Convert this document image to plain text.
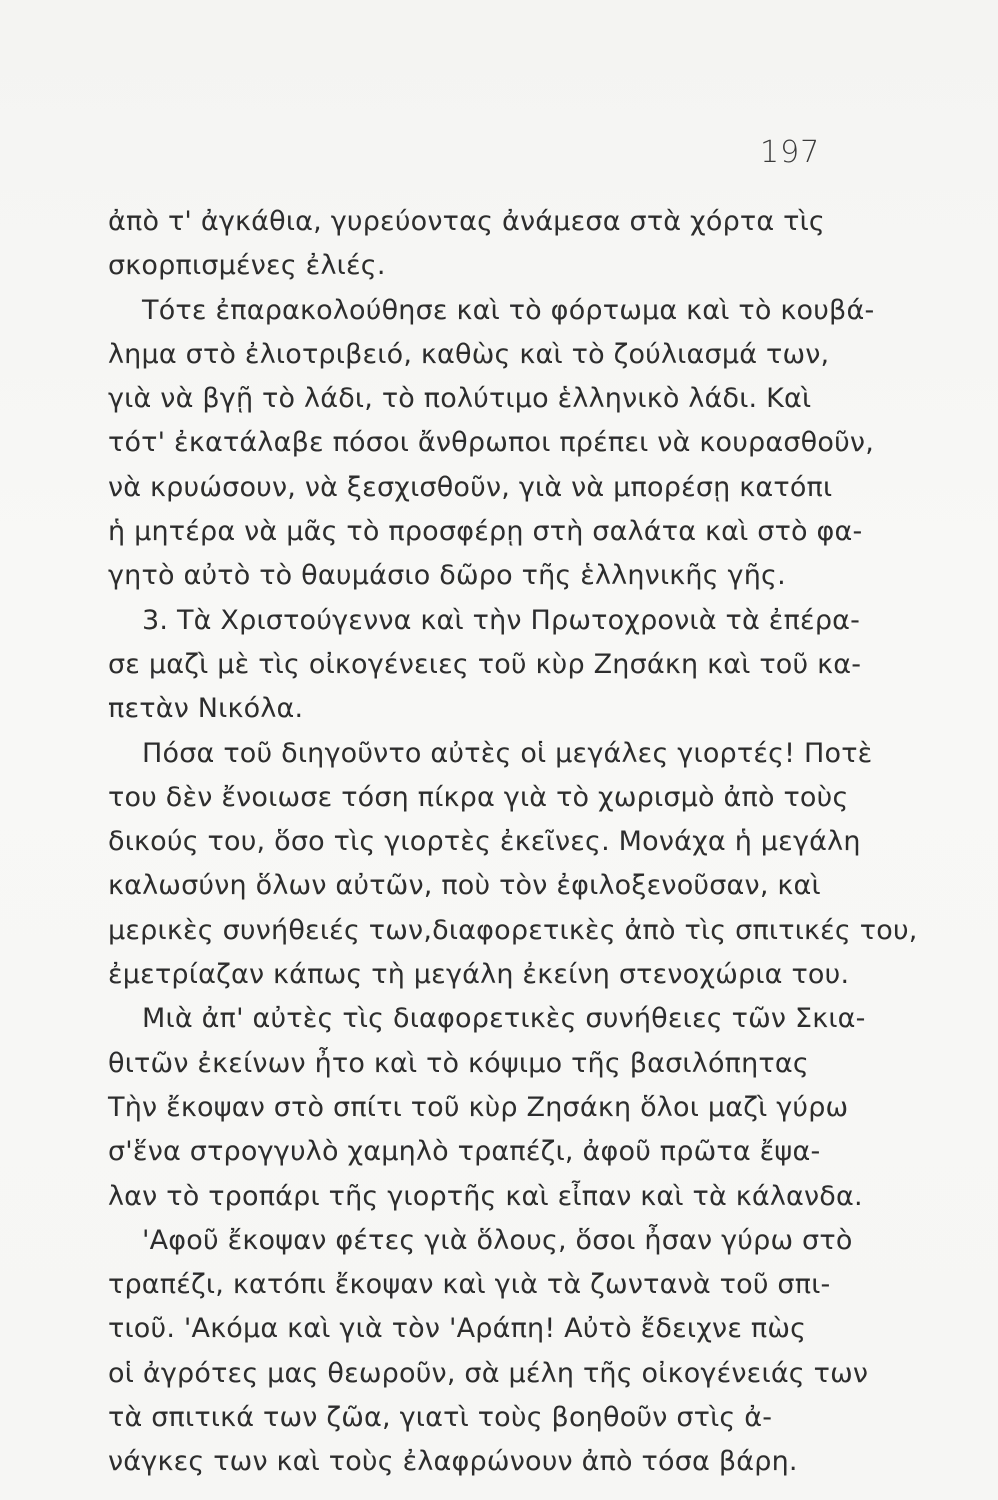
197
ἀπὸ τ' ἀγκάθια, γυρεύοντας ἀνάμεσα στὰ χόρτα τὶς
σκορπισμένες ἐλιές.
Τότε ἐπαρακολούθησε καὶ τὸ φόρτωμα καὶ τὸ κουβά-
λημα στὸ ἐλιοτριβειό, καθὼς καὶ τὸ ζούλιασμά των,
γιὰ νὰ βγῇ τὸ λάδι, τὸ πολύτιμο ἑλληνικὸ λάδι. Καὶ
τότ' ἐκατάλαβε πόσοι ἄνθρωποι πρέπει νὰ κουρασθοῦν,
νὰ κρυώσουν, νὰ ξεσχισθοῦν, γιὰ νὰ μπορέσῃ κατόπι
ἡ μητέρα νὰ μᾶς τὸ προσφέρῃ στὴ σαλάτα καὶ στὸ φα-
γητὸ αὐτὸ τὸ θαυμάσιο δῶρο τῆς ἑλληνικῆς γῆς.
3. Τὰ Χριστούγεννα καὶ τὴν Πρωτοχρονιὰ τὰ ἐπέρα-
σε μαζὶ μὲ τὶς οἰκογένειες τοῦ κὺρ Ζησάκη καὶ τοῦ κα-
πετὰν Νικόλα.
Πόσα τοῦ διηγοῦντο αὐτὲς οἱ μεγάλες γιορτές! Ποτὲ
του δὲν ἔνοιωσε τόση πίκρα γιὰ τὸ χωρισμὸ ἀπὸ τοὺς
δικούς του, ὅσο τὶς γιορτὲς ἐκεῖνες. Μονάχα ἡ μεγάλη
καλωσύνη ὅλων αὐτῶν, ποὺ τὸν ἐφιλοξενοῦσαν, καὶ
μερικὲς συνήθειές των,διαφορετικὲς ἀπὸ τὶς σπιτικές του,
ἐμετρίαζαν κάπως τὴ μεγάλη ἐκείνη στενοχώρια του.
Μιὰ ἀπ' αὐτὲς τὶς διαφορετικὲς συνήθειες τῶν Σκια-
θιτῶν ἐκείνων ἦτο καὶ τὸ κόψιμο τῆς βασιλόπητας
Τὴν ἔκοψαν στὸ σπίτι τοῦ κὺρ Ζησάκη ὅλοι μαζὶ γύρω
σ'ἕνα στρογγυλὸ χαμηλὸ τραπέζι, ἀφοῦ πρῶτα ἔψα-
λαν τὸ τροπάρι τῆς γιορτῆς καὶ εἶπαν καὶ τὰ κάλανδα.
'Αφοῦ ἔκοψαν φέτες γιὰ ὅλους, ὅσοι ἦσαν γύρω στὸ
τραπέζι, κατόπι ἔκοψαν καὶ γιὰ τὰ ζωντανὰ τοῦ σπι-
τιοῦ. 'Ακόμα καὶ γιὰ τὸν 'Αράπη! Αὐτὸ ἔδειχνε πὼς
οἱ ἀγρότες μας θεωροῦν, σὰ μέλη τῆς οἰκογένειάς των
τὰ σπιτικά των ζῶα, γιατὶ τοὺς βοηθοῦν στὶς ἀ-
νάγκες των καὶ τοὺς ἐλαφρώνουν ἀπὸ τόσα βάρη.
